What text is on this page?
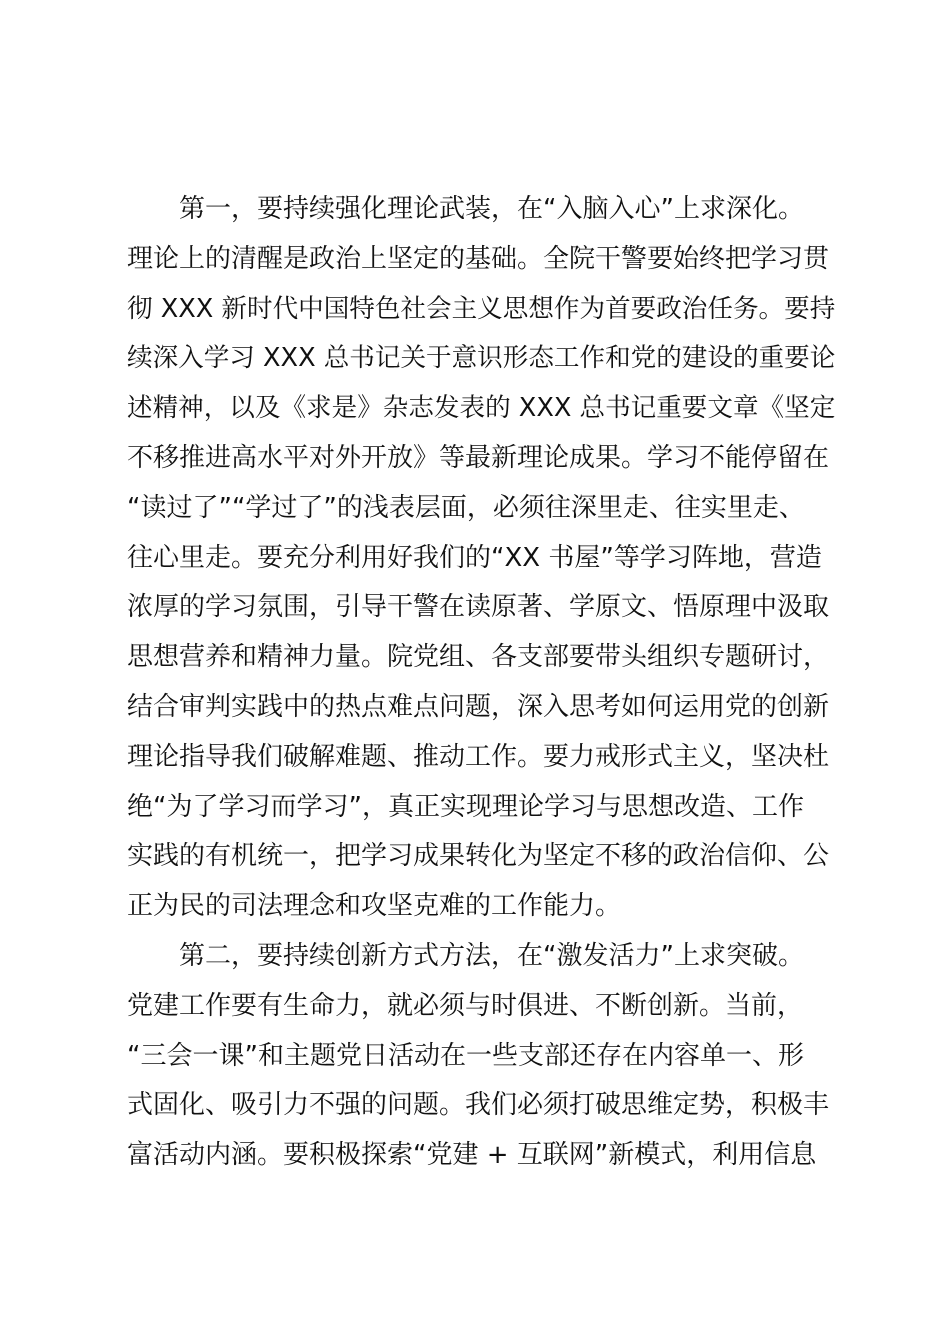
第一，要持续强化理论武装，在“入脑入心”上求深化。
理论上的清醒是政治上坚定的基础。全院干警要始终把学习贯
彻 XXX 新时代中国特色社会主义思想作为首要政治任务。要持
续深入学习 XXX 总书记关于意识形态工作和党的建设的重要论
述精神，以及《求是》杂志发表的 XXX 总书记重要文章《坚定
不移推进高水平对外开放》等最新理论成果。学习不能停留在
“读过了”“学过了”的浅表层面，必须往深里走、往实里走、
往心里走。要充分利用好我们的“XX 书屋”等学习阵地，营造
浓厚的学习氛围，引导干警在读原著、学原文、悟原理中汲取
思想营养和精神力量。院党组、各支部要带头组织专题研讨，
结合审判实践中的热点难点问题，深入思考如何运用党的创新
理论指导我们破解难题、推动工作。要力戒形式主义，坚决杜
绝“为了学习而学习”，真正实现理论学习与思想改造、工作
实践的有机统一，把学习成果转化为坚定不移的政治信仰、公
正为民的司法理念和攻坚克难的工作能力。
第二，要持续创新方式方法，在“激发活力”上求突破。
党建工作要有生命力，就必须与时俱进、不断创新。当前，
“三会一课”和主题党日活动在一些支部还存在内容单一、形
式固化、吸引力不强的问题。我们必须打破思维定势，积极丰
富活动内涵。要积极探索“党建 + 互联网”新模式，利用信息
